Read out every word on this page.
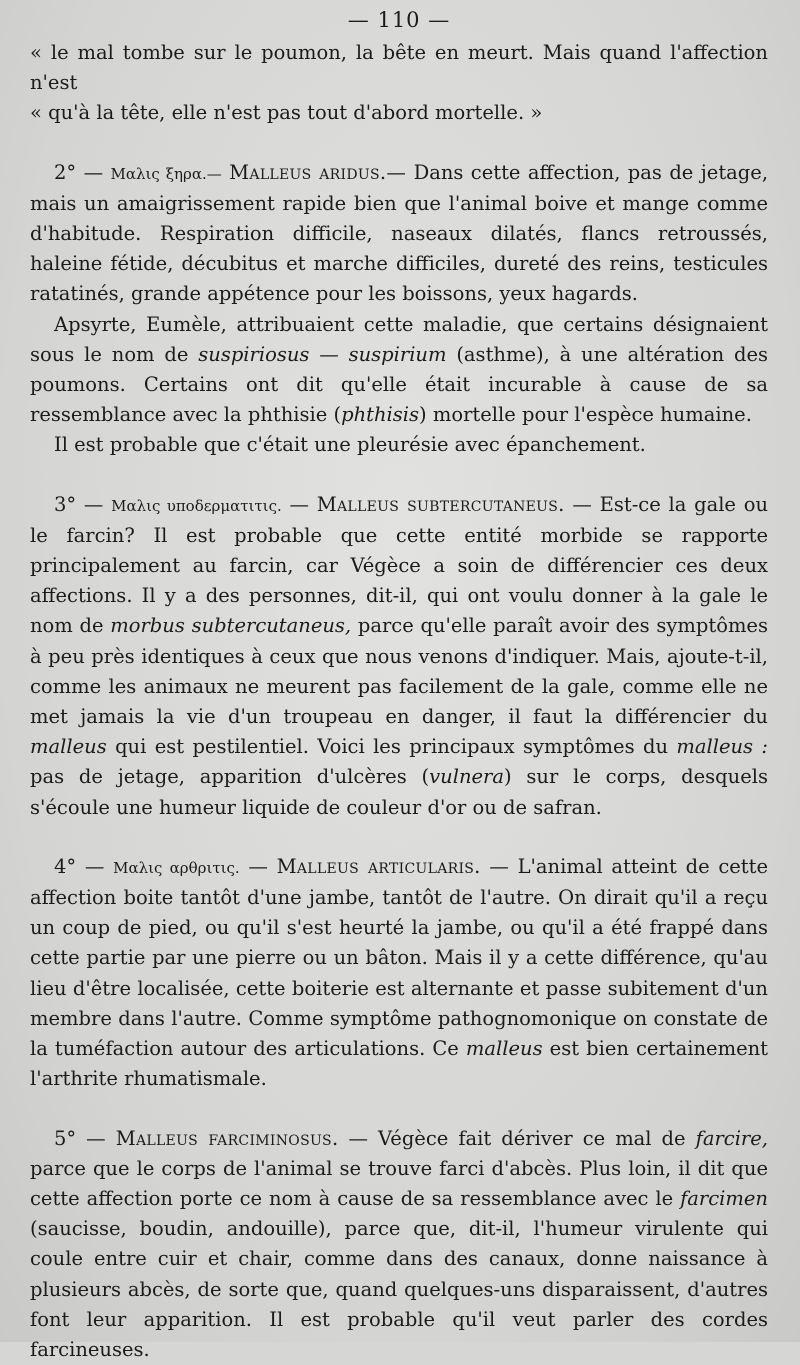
— 110 —

« le mal tombe sur le poumon, la bête en meurt. Mais quand l'affection n'est

« qu'à la tête, elle n'est pas tout d'abord mortelle. »

2° — Μαλις ξηρα.— Malleus aridus.— Dans cette affection, pas de jetage, mais un amaigrissement rapide bien que l'animal boive et mange comme d'habitude. Respiration difficile, naseaux dilatés, flancs retroussés, haleine fétide, décubitus et marche difficiles, dureté des reins, testicules ratatinés, grande appétence pour les boissons, yeux hagards.

Apsyrte, Eumèle, attribuaient cette maladie, que certains désignaient sous le nom de suspiriosus — suspirium (asthme), à une altération des poumons. Certains ont dit qu'elle était incurable à cause de sa ressemblance avec la phthisie (phthisis) mortelle pour l'espèce humaine.

Il est probable que c'était une pleurésie avec épanchement.

3° — Μαλις υποδερματιτις. — Malleus subtercutaneus. — Est-ce la gale ou le farcin? Il est probable que cette entité morbide se rapporte principalement au farcin, car Végèce a soin de différencier ces deux affections. Il y a des personnes, dit-il, qui ont voulu donner à la gale le nom de morbus subtercutaneus, parce qu'elle paraît avoir des symptômes à peu près identiques à ceux que nous venons d'indiquer. Mais, ajoute-t-il, comme les animaux ne meurent pas facilement de la gale, comme elle ne met jamais la vie d'un troupeau en danger, il faut la différencier du malleus qui est pestilentiel. Voici les principaux symptômes du malleus : pas de jetage, apparition d'ulcères (vulnera) sur le corps, desquels s'écoule une humeur liquide de couleur d'or ou de safran.

4° — Μαλις αρθριτις. — Malleus articularis. — L'animal atteint de cette affection boite tantôt d'une jambe, tantôt de l'autre. On dirait qu'il a reçu un coup de pied, ou qu'il s'est heurté la jambe, ou qu'il a été frappé dans cette partie par une pierre ou un bâton. Mais il y a cette différence, qu'au lieu d'être localisée, cette boiterie est alternante et passe subitement d'un membre dans l'autre. Comme symptôme pathognomonique on constate de la tuméfaction autour des articulations. Ce malleus est bien certainement l'arthrite rhumatismale.

5° — Malleus farciminosus. — Végèce fait dériver ce mal de farcire, parce que le corps de l'animal se trouve farci d'abcès. Plus loin, il dit que cette affection porte ce nom à cause de sa ressemblance avec le farcimen (saucisse, boudin, andouille), parce que, dit-il, l'humeur virulente qui coule entre cuir et chair, comme dans des canaux, donne naissance à plusieurs abcès, de sorte que, quand quelques-uns disparaissent, d'autres font leur apparition. Il est probable qu'il veut parler des cordes farcineuses.
